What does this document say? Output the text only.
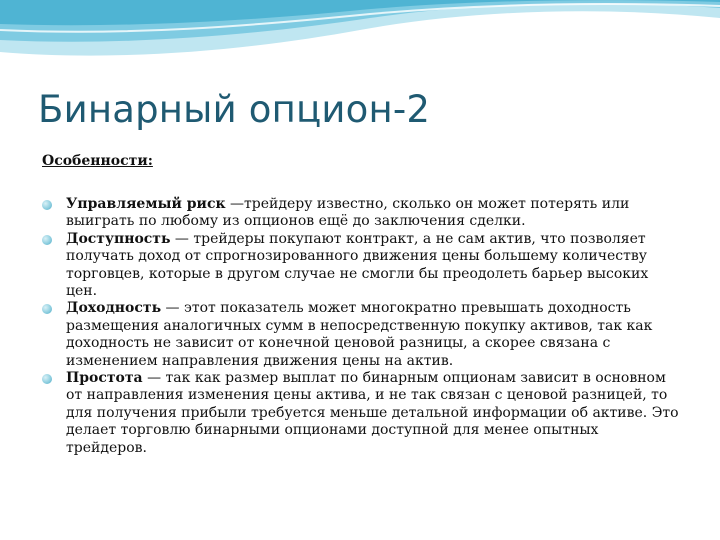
Бинарный опцион-2
Особенности:
Управляемый риск —трейдеру известно, сколько он может потерять или выиграть по любому из опционов ещё до заключения сделки.
Доступность — трейдеры покупают контракт, а не сам актив, что позволяет получать доход от спрогнозированного движения цены большему количеству торговцев, которые в другом случае не смогли бы преодолеть барьер высоких цен.
Доходность — этот показатель может многократно превышать доходность размещения аналогичных сумм в непосредственную покупку активов, так как доходность не зависит от конечной ценовой разницы, а скорее связана с изменением направления движения цены на актив.
Простота — так как размер выплат по бинарным опционам зависит в основном от направления изменения цены актива, и не так связан с ценовой разницей, то для получения прибыли требуется меньше детальной информации об активе. Это делает торговлю бинарными опционами доступной для менее опытных трейдеров.
